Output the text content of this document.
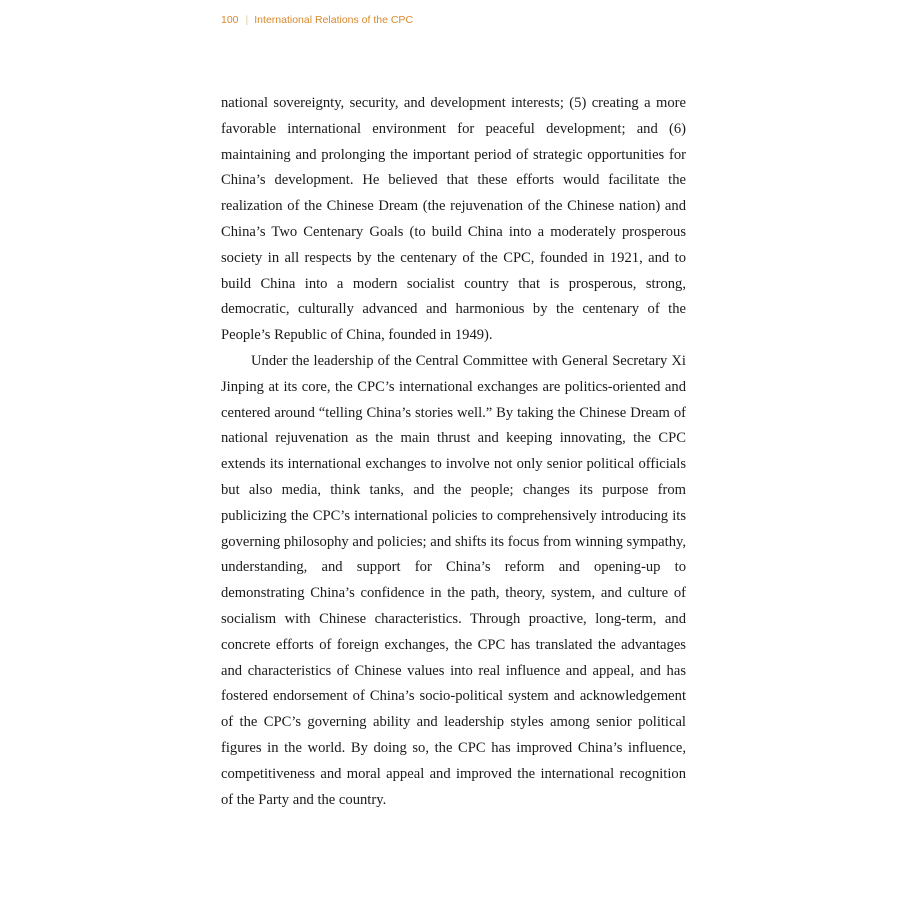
100 | International Relations of the CPC

national sovereignty, security, and development interests; (5) creating a more favorable international environment for peaceful development; and (6) maintaining and prolonging the important period of strategic opportunities for China’s development. He believed that these efforts would facilitate the realization of the Chinese Dream (the rejuvenation of the Chinese nation) and China’s Two Centenary Goals (to build China into a moderately prosperous society in all respects by the centenary of the CPC, founded in 1921, and to build China into a modern socialist country that is prosperous, strong, democratic, culturally advanced and harmonious by the centenary of the People’s Republic of China, founded in 1949).

Under the leadership of the Central Committee with General Secretary Xi Jinping at its core, the CPC’s international exchanges are politics-oriented and centered around “telling China’s stories well.” By taking the Chinese Dream of national rejuvenation as the main thrust and keeping innovating, the CPC extends its international exchanges to involve not only senior political officials but also media, think tanks, and the people; changes its purpose from publicizing the CPC’s international policies to comprehensively introducing its governing philosophy and policies; and shifts its focus from winning sympathy, understanding, and support for China’s reform and opening-up to demonstrating China’s confidence in the path, theory, system, and culture of socialism with Chinese characteristics. Through proactive, long-term, and concrete efforts of foreign exchanges, the CPC has translated the advantages and characteristics of Chinese values into real influence and appeal, and has fostered endorsement of China’s socio-political system and acknowledgement of the CPC’s governing ability and leadership styles among senior political figures in the world. By doing so, the CPC has improved China’s influence, competitiveness and moral appeal and improved the international recognition of the Party and the country.
